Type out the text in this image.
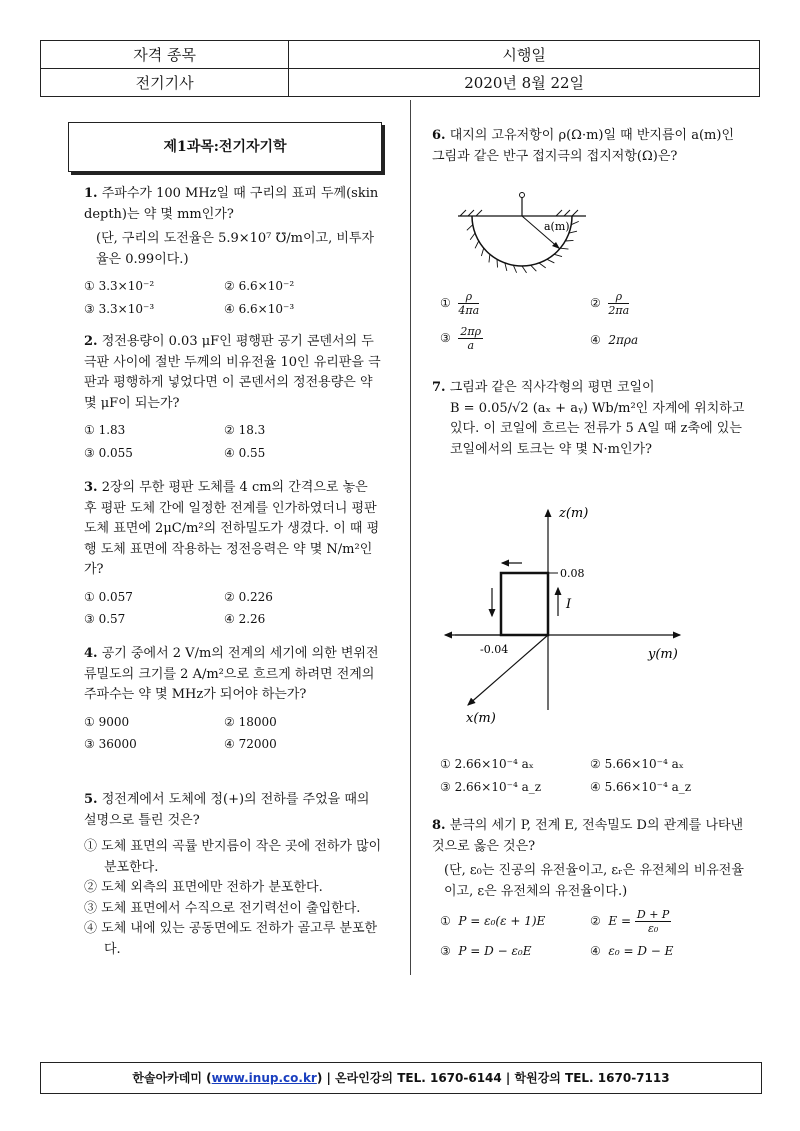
자격 종목	시행일
전기기사	2020년 8월 22일
제1과목:전기자기학

1. 주파수가 100 MHz일 때 구리의 표피 두께(skin depth)는 약 몇 mm인가?

(단, 구리의 도전율은 5.9×10⁷ ℧/m이고, 비투자율은 0.99이다.)

① 3.3×10⁻²	② 6.6×10⁻²
③ 3.3×10⁻³	④ 6.6×10⁻³

2. 정전용량이 0.03 μF인 평행판 공기 콘덴서의 두 극판 사이에 절반 두께의 비유전율 10인 유리판을 극판과 평행하게 넣었다면 이 콘덴서의 정전용량은 약 몇 μF이 되는가?

① 1.83	② 18.3
③ 0.055	④ 0.55

3. 2장의 무한 평판 도체를 4 cm의 간격으로 놓은 후 평판 도체 간에 일정한 전계를 인가하였더니 평판 도체 표면에 2μC/m²의 전하밀도가 생겼다. 이 때 평행 도체 표면에 작용하는 정전응력은 약 몇 N/m²인가?

① 0.057	② 0.226
③ 0.57	④ 2.26

4. 공기 중에서 2 V/m의 전계의 세기에 의한 변위전류밀도의 크기를 2 A/m²으로 흐르게 하려면 전계의 주파수는 약 몇 MHz가 되어야 하는가?

① 9000	② 18000
③ 36000	④ 72000

5. 정전계에서 도체에 정(+)의 전하를 주었을 때의 설명으로 틀린 것은?

① 도체 표면의 곡률 반지름이 작은 곳에 전하가 많이 분포한다.
② 도체 외측의 표면에만 전하가 분포한다.
③ 도체 표면에서 수직으로 전기력선이 출입한다.
④ 도체 내에 있는 공동면에도 전하가 골고루 분포한다.

6. 대지의 고유저항이 ρ(Ω·m)일 때 반지름이 a(m)인 그림과 같은 반구 접지극의 접지저항(Ω)은?

a(m)
① $\frac{\rho}{4\pi a}$	② $\frac{\rho}{2\pi a}$
③ $\frac{2\pi\rho}{a}$	④ 2πρa

7. 그림과 같은 직사각형의 평면 코일이

B = 0.05/√2 (aₓ + aᵧ) Wb/m²인 자계에 위치하고

있다. 이 코일에 흐르는 전류가 5 A일 때 z축에 있는 코일에서의 토크는 약 몇 N·m인가?

z(m)
y(m)
x(m)
0.08
-0.04
I
① 2.66×10⁻⁴ aₓ	② 5.66×10⁻⁴ aₓ
③ 2.66×10⁻⁴ a_z	④ 5.66×10⁻⁴ a_z

8. 분극의 세기 P, 전계 E, 전속밀도 D의 관계를 나타낸 것으로 옳은 것은?

(단, ε₀는 진공의 유전율이고, εᵣ은 유전체의 비유전율이고, ε은 유전체의 유전율이다.)

① P = ε₀(ε + 1)E	② $E = \frac{D + P}{\text{ε₀}}$
③ P = D − ε₀E	④ ε₀ = D − E
한솔아카데미 (www.inup.co.kr) | 온라인강의 TEL. 1670-6144 | 학원강의 TEL. 1670-7113
